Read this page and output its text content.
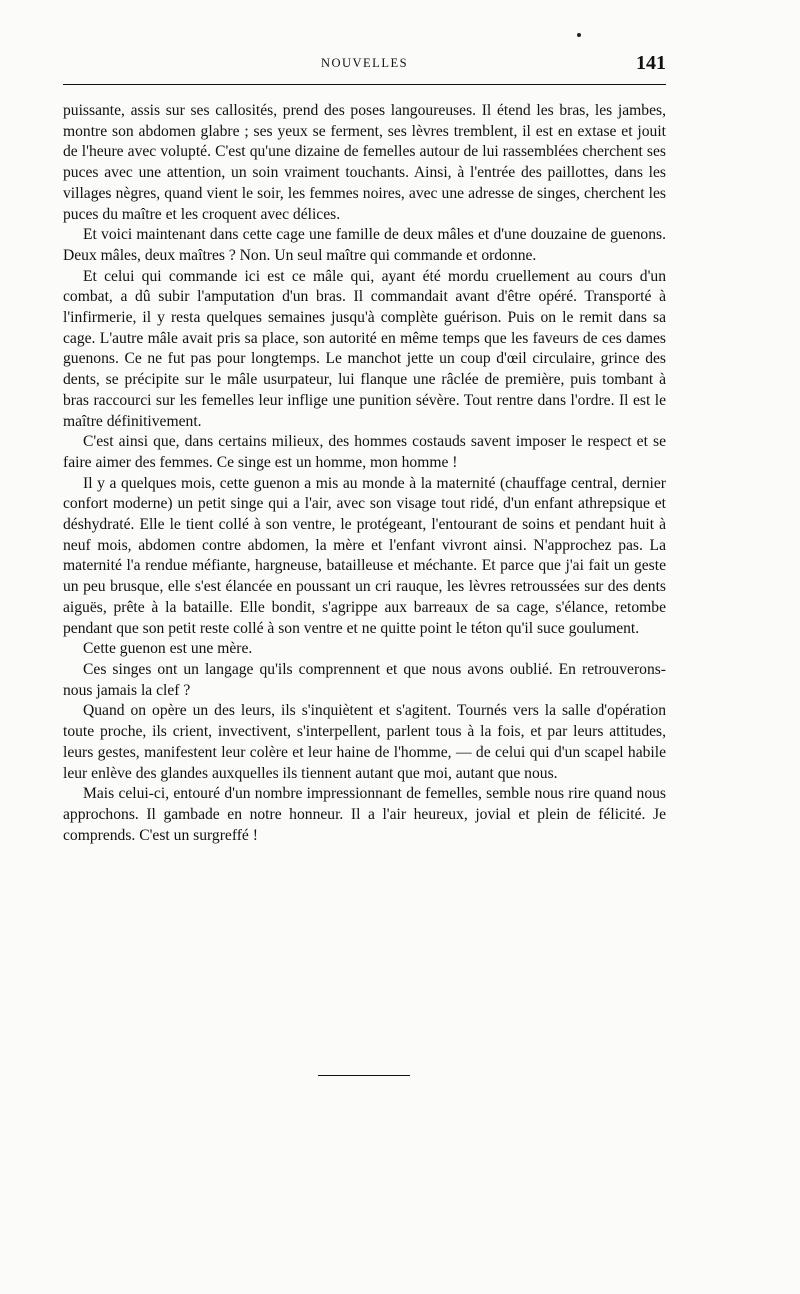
NOUVELLES	141

puissante, assis sur ses callosités, prend des poses langoureuses. Il étend les bras, les jambes, montre son abdomen glabre ; ses yeux se ferment, ses lèvres tremblent, il est en extase et jouit de l'heure avec volupté. C'est qu'une dizaine de femelles autour de lui rassemblées cherchent ses puces avec une attention, un soin vraiment touchants. Ainsi, à l'entrée des paillottes, dans les villages nègres, quand vient le soir, les femmes noires, avec une adresse de singes, cherchent les puces du maître et les croquent avec délices.

Et voici maintenant dans cette cage une famille de deux mâles et d'une douzaine de guenons. Deux mâles, deux maîtres ? Non. Un seul maître qui commande et ordonne.

Et celui qui commande ici est ce mâle qui, ayant été mordu cruellement au cours d'un combat, a dû subir l'amputation d'un bras. Il commandait avant d'être opéré. Transporté à l'infirmerie, il y resta quelques semaines jusqu'à complète guérison. Puis on le remit dans sa cage. L'autre mâle avait pris sa place, son autorité en même temps que les faveurs de ces dames guenons. Ce ne fut pas pour longtemps. Le manchot jette un coup d'œil circulaire, grince des dents, se précipite sur le mâle usurpateur, lui flanque une râclée de première, puis tombant à bras raccourci sur les femelles leur inflige une punition sévère. Tout rentre dans l'ordre. Il est le maître définitivement.

C'est ainsi que, dans certains milieux, des hommes costauds savent imposer le respect et se faire aimer des femmes. Ce singe est un homme, mon homme !

Il y a quelques mois, cette guenon a mis au monde à la maternité (chauffage central, dernier confort moderne) un petit singe qui a l'air, avec son visage tout ridé, d'un enfant athrepsique et déshydraté. Elle le tient collé à son ventre, le protégeant, l'entourant de soins et pendant huit à neuf mois, abdomen contre abdomen, la mère et l'enfant vivront ainsi. N'approchez pas. La maternité l'a rendue méfiante, hargneuse, batailleuse et méchante. Et parce que j'ai fait un geste un peu brusque, elle s'est élancée en poussant un cri rauque, les lèvres retroussées sur des dents aiguës, prête à la bataille. Elle bondit, s'agrippe aux barreaux de sa cage, s'élance, retombe pendant que son petit reste collé à son ventre et ne quitte point le téton qu'il suce goulument.

Cette guenon est une mère.

Ces singes ont un langage qu'ils comprennent et que nous avons oublié. En retrouverons-nous jamais la clef ?

Quand on opère un des leurs, ils s'inquiètent et s'agitent. Tournés vers la salle d'opération toute proche, ils crient, invectivent, s'interpellent, parlent tous à la fois, et par leurs attitudes, leurs gestes, manifestent leur colère et leur haine de l'homme, — de celui qui d'un scapel habile leur enlève des glandes auxquelles ils tiennent autant que moi, autant que nous.

Mais celui-ci, entouré d'un nombre impressionnant de femelles, semble nous rire quand nous approchons. Il gambade en notre honneur. Il a l'air heureux, jovial et plein de félicité. Je comprends. C'est un surgreffé !
